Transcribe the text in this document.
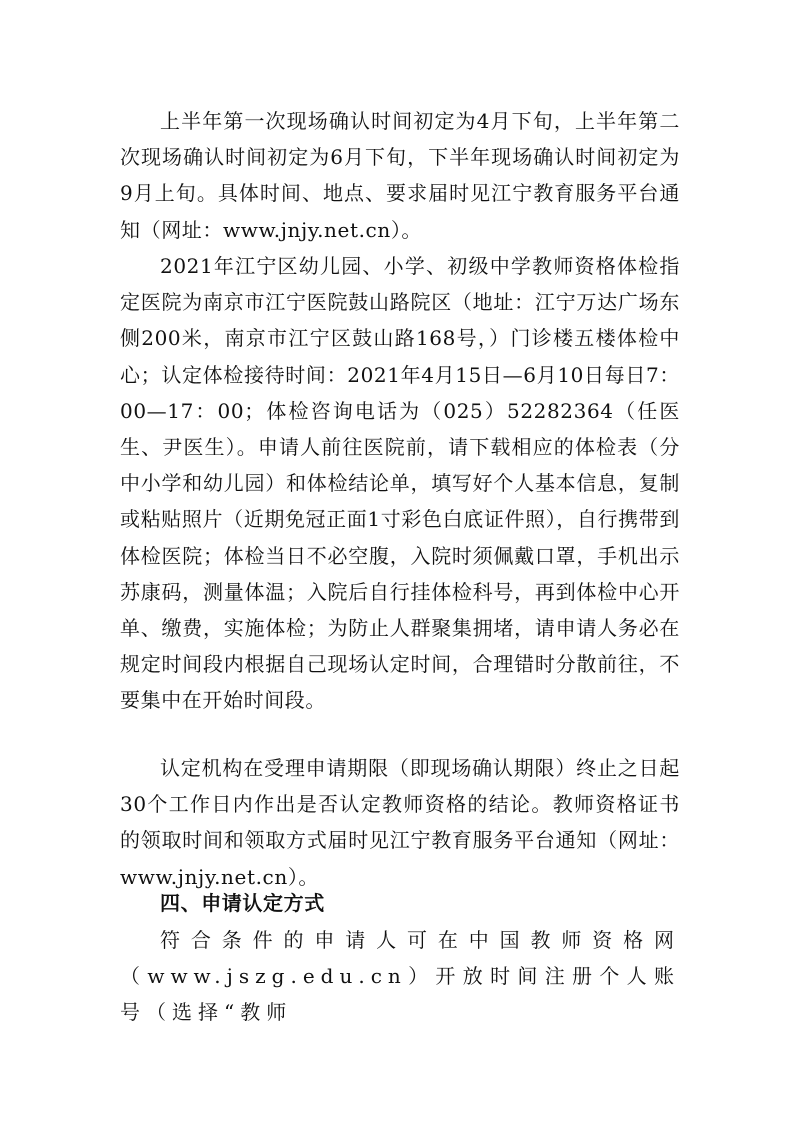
上半年第一次现场确认时间初定为4月下旬，上半年第二次现场确认时间初定为6月下旬，下半年现场确认时间初定为9月上旬。具体时间、地点、要求届时见江宁教育服务平台通知（网址：www.jnjy.net.cn）。

2021年江宁区幼儿园、小学、初级中学教师资格体检指定医院为南京市江宁医院鼓山路院区（地址：江宁万达广场东侧200米，南京市江宁区鼓山路168号，）门诊楼五楼体检中心；认定体检接待时间：2021年4月15日—6月10日每日7：00—17：00；体检咨询电话为（025）52282364（任医生、尹医生）。申请人前往医院前，请下载相应的体检表（分中小学和幼儿园）和体检结论单，填写好个人基本信息，复制或粘贴照片（近期免冠正面1寸彩色白底证件照），自行携带到体检医院；体检当日不必空腹，入院时须佩戴口罩，手机出示苏康码，测量体温；入院后自行挂体检科号，再到体检中心开单、缴费，实施体检；为防止人群聚集拥堵，请申请人务必在规定时间段内根据自己现场认定时间，合理错时分散前往，不要集中在开始时间段。

认定机构在受理申请期限（即现场确认期限）终止之日起30个工作日内作出是否认定教师资格的结论。教师资格证书的领取时间和领取方式届时见江宁教育服务平台通知（网址：www.jnjy.net.cn）。

四、申请认定方式

符合条件的申请人可在中国教师资格网（www.jszg.edu.cn）开放时间注册个人账号（选择“教师
